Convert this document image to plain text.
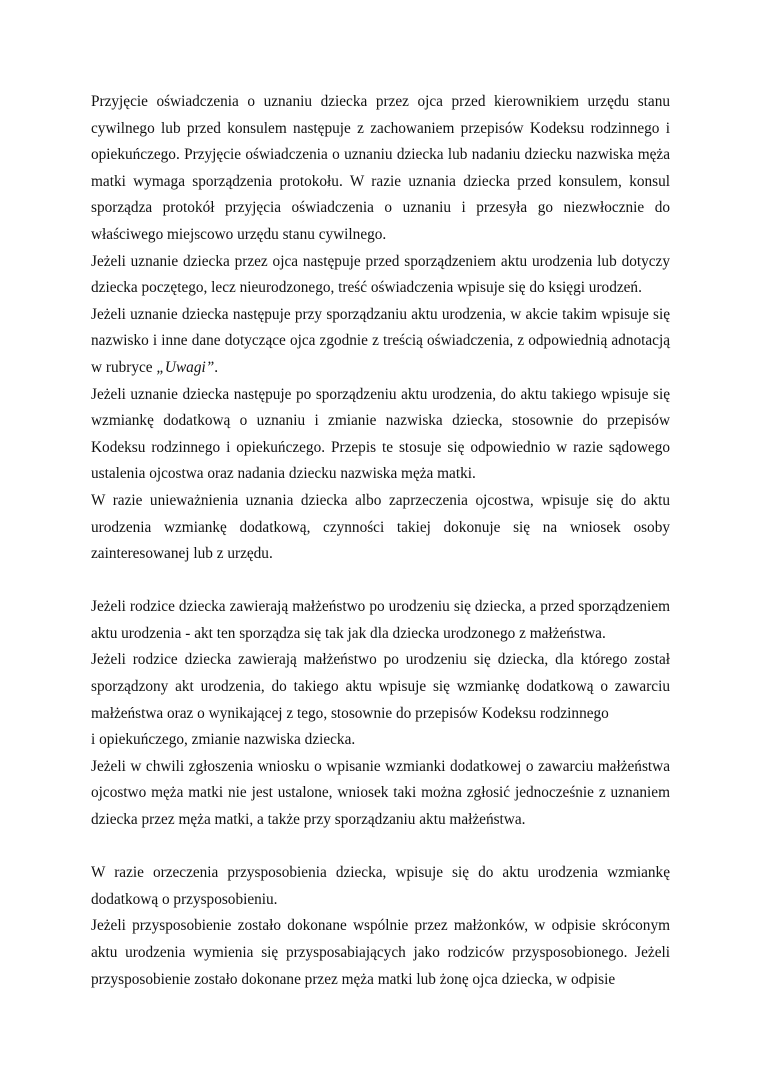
Przyjęcie oświadczenia o uznaniu dziecka przez ojca przed kierownikiem urzędu stanu cywilnego lub przed konsulem następuje z zachowaniem przepisów Kodeksu rodzinnego i opiekuńczego. Przyjęcie oświadczenia o uznaniu dziecka lub nadaniu dziecku nazwiska męża matki wymaga sporządzenia protokołu. W razie uznania dziecka przed konsulem, konsul sporządza protokół przyjęcia oświadczenia o uznaniu i przesyła go niezwłocznie do właściwego miejscowo urzędu stanu cywilnego.

Jeżeli uznanie dziecka przez ojca następuje przed sporządzeniem aktu urodzenia lub dotyczy dziecka poczętego, lecz nieurodzonego, treść oświadczenia wpisuje się do księgi urodzeń.

Jeżeli uznanie dziecka następuje przy sporządzaniu aktu urodzenia, w akcie takim wpisuje się nazwisko i inne dane dotyczące ojca zgodnie z treścią oświadczenia, z odpowiednią adnotacją w rubryce „Uwagi”.

Jeżeli uznanie dziecka następuje po sporządzeniu aktu urodzenia, do aktu takiego wpisuje się wzmiankę dodatkową o uznaniu i zmianie nazwiska dziecka, stosownie do przepisów Kodeksu rodzinnego i opiekuńczego. Przepis te stosuje się odpowiednio w razie sądowego ustalenia ojcostwa oraz nadania dziecku nazwiska męża matki.

W razie unieważnienia uznania dziecka albo zaprzeczenia ojcostwa, wpisuje się do aktu urodzenia wzmiankę dodatkową, czynności takiej dokonuje się na wniosek osoby zainteresowanej lub z urzędu.

Jeżeli rodzice dziecka zawierają małżeństwo po urodzeniu się dziecka, a przed sporządzeniem aktu urodzenia - akt ten sporządza się tak jak dla dziecka urodzonego z małżeństwa.

Jeżeli rodzice dziecka zawierają małżeństwo po urodzeniu się dziecka, dla którego został sporządzony akt urodzenia, do takiego aktu wpisuje się wzmiankę dodatkową o zawarciu małżeństwa oraz o wynikającej z tego, stosownie do przepisów Kodeksu rodzinnego

i opiekuńczego, zmianie nazwiska dziecka.

Jeżeli w chwili zgłoszenia wniosku o wpisanie wzmianki dodatkowej o zawarciu małżeństwa ojcostwo męża matki nie jest ustalone, wniosek taki można zgłosić jednocześnie z uznaniem dziecka przez męża matki, a także przy sporządzaniu aktu małżeństwa.

W razie orzeczenia przysposobienia dziecka, wpisuje się do aktu urodzenia wzmiankę dodatkową o przysposobieniu.

Jeżeli przysposobienie zostało dokonane wspólnie przez małżonków, w odpisie skróconym aktu urodzenia wymienia się przysposabiających jako rodziców przysposobionego. Jeżeli przysposobienie zostało dokonane przez męża matki lub żonę ojca dziecka, w odpisie
